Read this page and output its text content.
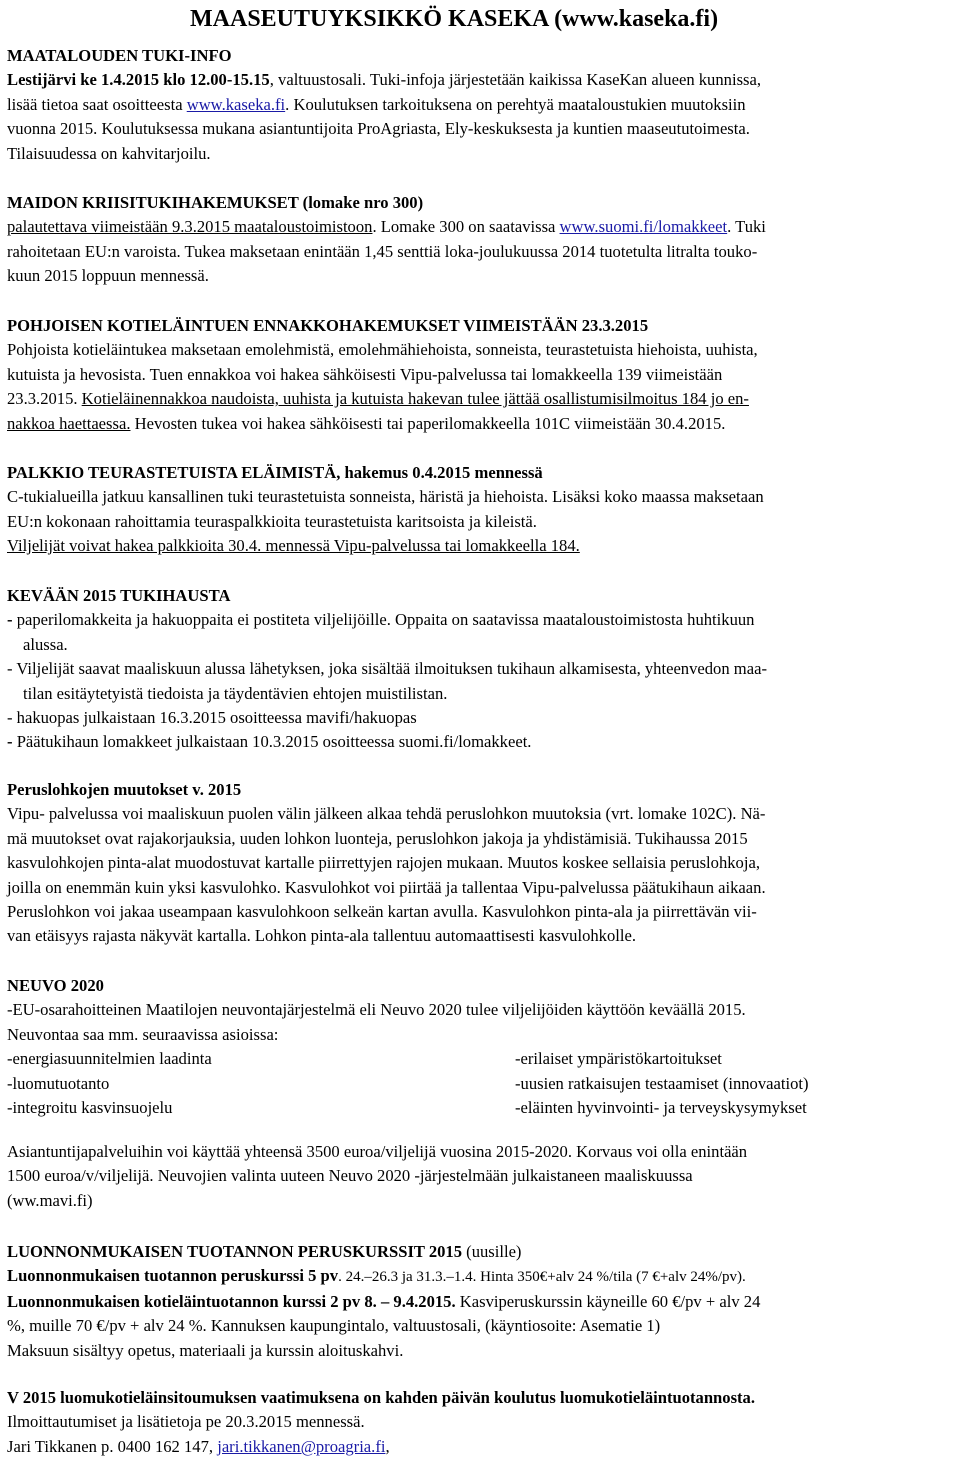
MAASEUTUYKSIKKÖ KASEKA (www.kaseka.fi)

MAATALOUDEN TUKI-INFO

Lestijärvi ke 1.4.2015 klo 12.00-15.15, valtuustosali. Tuki-infoja järjestetään kaikissa KaseKan alueen kunnissa,

lisää tietoa saat osoitteesta www.kaseka.fi. Koulutuksen tarkoituksena on perehtyä maataloustukien muutoksiin

vuonna 2015. Koulutuksessa mukana asiantuntijoita ProAgriasta, Ely-keskuksesta ja kuntien maaseututoimesta.

Tilaisuudessa on kahvitarjoilu.

MAIDON KRIISITUKIHAKEMUKSET (lomake nro 300)

palautettava viimeistään 9.3.2015 maataloustoimistoon. Lomake 300 on saatavissa www.suomi.fi/lomakkeet. Tuki

rahoitetaan EU:n varoista. Tukea maksetaan enintään 1,45 senttiä loka-joulukuussa 2014 tuotetulta litralta touko-

kuun 2015 loppuun mennessä.

POHJOISEN KOTIELÄINTUEN ENNAKKOHAKEMUKSET VIIMEISTÄÄN 23.3.2015

Pohjoista kotieläintukea maksetaan emolehmistä, emolehmähiehoista, sonneista, teurastetuista hiehoista, uuhista,

kutuista ja hevosista. Tuen ennakkoa voi hakea sähköisesti Vipu-palvelussa tai lomakkeella 139 viimeistään

23.3.2015. Kotieläinennakkoa naudoista, uuhista ja kutuista hakevan tulee jättää osallistumisilmoitus 184 jo en-

nakkoa haettaessa. Hevosten tukea voi hakea sähköisesti tai paperilomakkeella 101C viimeistään 30.4.2015.

PALKKIO TEURASTETUISTA ELÄIMISTÄ, hakemus 0.4.2015 mennessä

C-tukialueilla jatkuu kansallinen tuki teurastetuista sonneista, häristä ja hiehoista. Lisäksi koko maassa maksetaan

EU:n kokonaan rahoittamia teuraspalkkioita teurastetuista karitsoista ja kileistä.

Viljelijät voivat hakea palkkioita 30.4. mennessä Vipu-palvelussa tai lomakkeella 184.

KEVÄÄN 2015 TUKIHAUSTA

- paperilomakkeita ja hakuoppaita ei postiteta viljelijöille. Oppaita on saatavissa maataloustoimistosta huhtikuun

alussa.

- Viljelijät saavat maaliskuun alussa lähetyksen, joka sisältää ilmoituksen tukihaun alkamisesta, yhteenvedon maa-

tilan esitäytetyistä tiedoista ja täydentävien ehtojen muistilistan.

- hakuopas julkaistaan 16.3.2015 osoitteessa mavifi/hakuopas

- Päätukihaun lomakkeet julkaistaan 10.3.2015 osoitteessa suomi.fi/lomakkeet.

Peruslohkojen muutokset v. 2015

Vipu- palvelussa voi maaliskuun puolen välin jälkeen alkaa tehdä peruslohkon muutoksia (vrt. lomake 102C). Nä-

mä muutokset ovat rajakorjauksia, uuden lohkon luonteja, peruslohkon jakoja ja yhdistämisiä. Tukihaussa 2015

kasvulohkojen pinta-alat muodostuvat kartalle piirrettyjen rajojen mukaan. Muutos koskee sellaisia peruslohkoja,

joilla on enemmän kuin yksi kasvulohko. Kasvulohkot voi piirtää ja tallentaa Vipu-palvelussa päätukihaun aikaan.

Peruslohkon voi jakaa useampaan kasvulohkoon selkeän kartan avulla. Kasvulohkon pinta-ala ja piirrettävän vii-

van etäisyys rajasta näkyvät kartalla. Lohkon pinta-ala tallentuu automaattisesti kasvulohkolle.

NEUVO 2020

-EU-osarahoitteinen Maatilojen neuvontajärjestelmä eli Neuvo 2020 tulee viljelijöiden käyttöön keväällä 2015.

Neuvontaa saa mm. seuraavissa asioissa:

-energiasuunnitelmien laadinta

-luomutuotanto

-integroitu kasvinsuojelu

-erilaiset ympäristökartoitukset

-uusien ratkaisujen testaamiset (innovaatiot)

-eläinten hyvinvointi- ja terveyskysymykset

Asiantuntijapalveluihin voi käyttää yhteensä 3500 euroa/viljelijä vuosina 2015-2020. Korvaus voi olla enintään

1500 euroa/v/viljelijä. Neuvojien valinta uuteen Neuvo 2020 -järjestelmään julkaistaneen maaliskuussa

(ww.mavi.fi)

LUONNONMUKAISEN TUOTANNON PERUSKURSSIT 2015 (uusille)

Luonnonmukaisen tuotannon peruskurssi 5 pv. 24.–26.3 ja 31.3.–1.4. Hinta 350€+alv 24 %/tila (7 €+alv 24%/pv).

Luonnonmukaisen kotieläintuotannon kurssi 2 pv 8. – 9.4.2015. Kasviperuskurssin käyneille 60 €/pv + alv 24

%, muille 70 €/pv + alv 24 %. Kannuksen kaupungintalo, valtuustosali, (käyntiosoite: Asematie 1)

Maksuun sisältyy opetus, materiaali ja kurssin aloituskahvi.

V 2015 luomukotieläinsitoumuksen vaatimuksena on kahden päivän koulutus luomukotieläintuotannosta.

Ilmoittautumiset ja lisätietoja pe 20.3.2015 mennessä.

Jari Tikkanen p. 0400 162 147, jari.tikkanen@proagria.fi,
